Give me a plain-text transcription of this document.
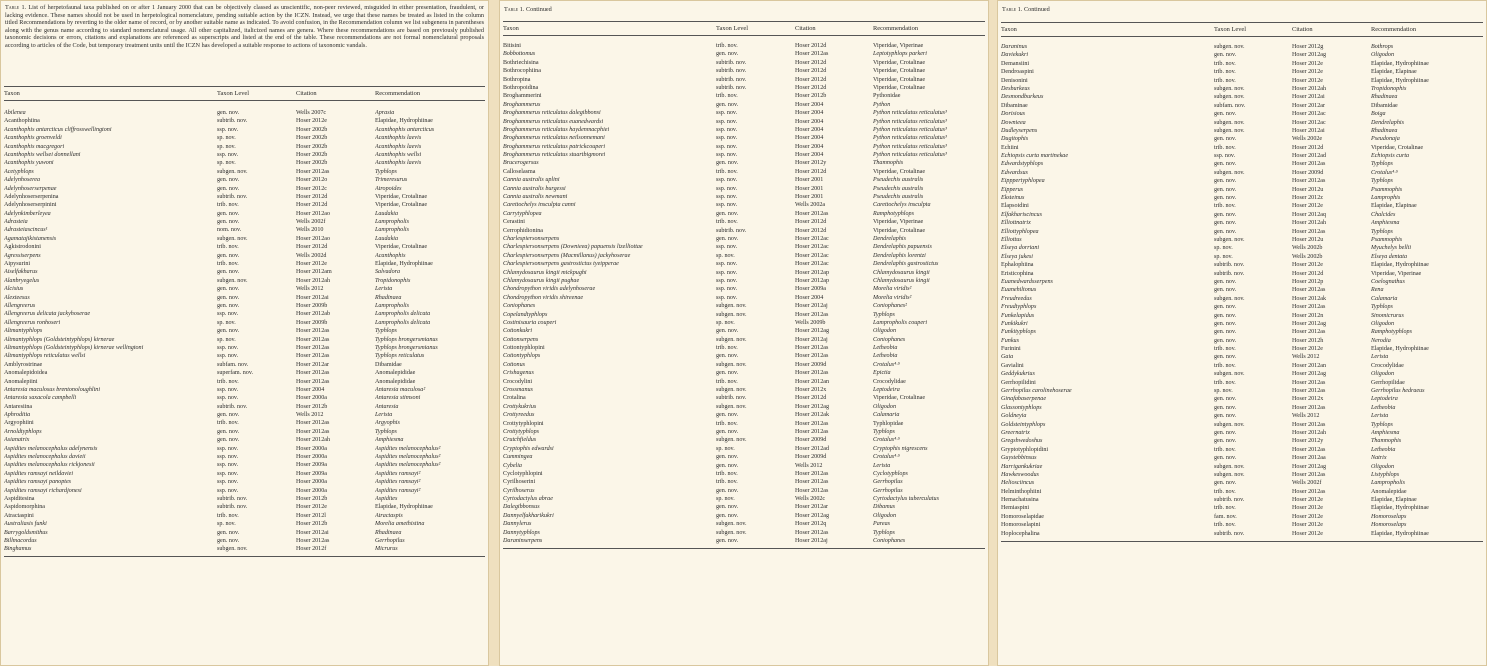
Table 1. List of herpetofaunal taxa published on or after 1 January 2000 that can be objectively classed as unscientific, non-peer reviewed, misguided in either presentation, fraudulent, or lacking evidence. These names should not be used in herpetological nomenclature, pending suitable action by the ICZN. Instead, we urge that these names be treated as listed in the column titled Recommendations by reverting to the older name of record, or by another suitable name as indicated. To avoid confusion, in the Recommendation column we list subgenera in parentheses along with the genus name according to standard nomenclatural usage. All other capitalized, italicized names are genera. Where these recommendations are based on previously published taxonomic decisions or errors, citations and explanations are referenced as superscripts and listed at the end of the table. These recommendations are not formal nomenclatural proposals according to articles of the Code, but temporary treatment units until the ICZN has developed a suitable response to actions of taxonomic vandals.
Taxon	Taxon Level	Citation	Recommendation
Abilenea	gen. nov.	Wells 2007c	Aprasia
Acanthophiina	subtrib. nov.	Hoser 2012e	Elapidae, Hydrophiinae
Acanthophis antarcticus cliffrosswellingtoni	ssp. nov.	Hoser 2002b	Acanthophis antarcticus
Acanthophis groenveldi	sp. nov.	Hoser 2002b	Acanthophis laevis
Acanthophis macgregori	sp. nov.	Hoser 2002b	Acanthophis laevis
Acanthophis wellsei donnellani	ssp. nov.	Hoser 2002b	Acanthophis wellsi
Acanthophis yuwoni	sp. nov.	Hoser 2002b	Acanthophis laevis
Acetyphlops	subgen. nov.	Hoser 2012as	Typhlops
Adelynhoserea	gen. nov.	Hoser 2012o	Trimeresurus
Adelynhoserserpenae	gen. nov.	Hoser 2012c	Atropoides
Adelynhoserserpenina	subtrib. nov.	Hoser 2012d	Viperidae, Crotalinae
Adelynhoserserpinini	trib. nov.	Hoser 2012d	Viperidae, Crotalinae
Adelynkimberleyea	gen. nov.	Hoser 2012ao	Laudakia
Adrasteia	gen. nov.	Wells 2002f	Lampropholis
Adrasteiascincus¹	nom. nov.	Wells 2010	Lampropholis
Agamatajikistanensis	subgen. nov.	Hoser 2012ao	Laudakia
Agkistrodonini	trib. nov.	Hoser 2012d	Viperidae, Crotalinae
Agressiserpens	gen. nov.	Wells 2002d	Acanthophis
Aipysurini	trib. nov.	Hoser 2012e	Elapidae, Hydrophiinae
Aiselfakharus	gen. nov.	Hoser 2012am	Salvadora
Alanbryegelus	subgen. nov.	Hoser 2012ah	Tropidonophis
Alcisius	gen. nov.	Wells 2012	Lerista
Alexteesus	gen. nov.	Hoser 2012ai	Rhadinaea
Allengreerus	gen. nov.	Hoser 2009b	Lampropholis
Allengreerus delicata jackyhoserae	ssp. nov.	Hoser 2012ab	Lampropholis delicata
Allengreerus ronhoseri	sp. nov.	Hoser 2009b	Lampropholis delicata
Altmantyphlops	gen. nov.	Hoser 2012as	Typhlops
Altmantyphlops (Goldsteintyphlops) kirnerae	sp. nov.	Hoser 2012as	Typhlops brongersmianus
Altmantyphlops (Goldsteintyphlops) kirnerae wellingtoni	ssp. nov.	Hoser 2012as	Typhlops brongersmianus
Altmantyphlops reticulatus wellsi	ssp. nov.	Hoser 2012as	Typhlops reticulatus
Amblyrostrinae	subfam. nov.	Hoser 2012ar	Dibamidae
Anomalepidoidea	superfam. nov.	Hoser 2012as	Anomalepididae
Anomalepiini	trib. nov.	Hoser 2012as	Anomalepididae
Antaresia maculosus brentonoloughlini	ssp. nov.	Hoser 2004	Antaresia maculosa²
Antaresia saxacola campbelli	ssp. nov.	Hoser 2000a	Antaresia stimsoni
Antaresiina	subtrib. nov.	Hoser 2012b	Antaresia
Aphroditia	gen. nov.	Wells 2012	Lerista
Argyophiini	trib. nov.	Hoser 2012as	Argyophis
Arnoldtyphlops	gen. nov.	Hoser 2012as	Typhlops
Asianatrix	gen. nov.	Hoser 2012ah	Amphiesma
Aspidites melanocephalus adelynensis	ssp. nov.	Hoser 2000a	Aspidites melanocephalus²
Aspidites melanocephalus davieii	ssp. nov.	Hoser 2000a	Aspidites melanocephalus²
Aspidites melanocephalus rickjonesii	ssp. nov.	Hoser 2009a	Aspidites melanocephalus²
Aspidites ramsayi neildaviei	ssp. nov.	Hoser 2009a	Aspidites ramsayi²
Aspidites ramsayi panoptes	ssp. nov.	Hoser 2000a	Aspidites ramsayi²
Aspidites ramsayi richardjonesi	ssp. nov.	Hoser 2000a	Aspidites ramsayi²
Aspiditesina	subtrib. nov.	Hoser 2012b	Aspidites
Aspidomorphina	subtrib. nov.	Hoser 2012e	Elapidae, Hydrophiinae
Atractaspini	trib. nov.	Hoser 2012l	Atractaspis
Australiasis funki	sp. nov.	Hoser 2012b	Morelia amethistina
Barrygoldsmithus	gen. nov.	Hoser 2012ai	Rhadinaea
Billmacordus	gen. nov.	Hoser 2012as	Gerrhopilus
Binghamus	subgen. nov.	Hoser 2012f	Micrurus
Table 1. Continued
Taxon	Taxon Level	Citation	Recommendation
Bitisini	trib. nov.	Hoser 2012d	Viperidae, Viperinae
Bobbottomus	gen. nov.	Hoser 2012as	Leptotyphlops parkeri
Bothriechisina	subtrib. nov.	Hoser 2012d	Viperidae, Crotalinae
Bothrocophiina	subtrib. nov.	Hoser 2012d	Viperidae, Crotalinae
Bothropina	subtrib. nov.	Hoser 2012d	Viperidae, Crotalinae
Bothropoidina	subtrib. nov.	Hoser 2012d	Viperidae, Crotalinae
Broghammerini	trib. nov.	Hoser 2012b	Pythonidae
Broghammerus	gen. nov.	Hoser 2004	Python
Broghammerus reticulatus dalegibbonsi	ssp. nov.	Hoser 2004	Python reticulatus reticulatus³
Broghammerus reticulatus euanedwardsi	ssp. nov.	Hoser 2004	Python reticulatus reticulatus³
Broghammerus reticulatus haydenmacphiei	ssp. nov.	Hoser 2004	Python reticulatus reticulatus³
Broghammerus reticulatus neilsonnemani	ssp. nov.	Hoser 2004	Python reticulatus reticulatus³
Broghammerus reticulatus patrickcouperi	ssp. nov.	Hoser 2004	Python reticulatus reticulatus³
Broghammerus reticulatus stuartbigmorei	ssp. nov.	Hoser 2004	Python reticulatus reticulatus³
Brucerogersus	gen. nov.	Hoser 2012y	Thamnophis
Calloselasma	trib. nov.	Hoser 2012d	Viperidae, Crotalinae
Cannia australis uplini	ssp. nov.	Hoser 2001	Pseudechis australis
Cannia australis burgessi	ssp. nov.	Hoser 2001	Pseudechis australis
Cannia australis newmani	ssp. nov.	Hoser 2001	Pseudechis australis
Carettochelys insculpta canni	ssp. nov.	Wells 2002a	Carettochelys insculpta
Carrytyphlopea	gen. nov.	Hoser 2012as	Ramphotyphlops
Cerastini	trib. nov.	Hoser 2012d	Viperidae, Viperinae
Cerrophidionina	subtrib. nov.	Hoser 2012d	Viperidae, Crotalinae
Charlespiersonserpens	gen. nov.	Hoser 2012ac	Dendrelaphis
Charlespiersonserpens (Downieea) papuensis lizelliottae	ssp. nov.	Hoser 2012ac	Dendrelaphis papuensis
Charlespiersonserpens (Macmillanus) jackyhoserae	sp. nov.	Hoser 2012ac	Dendrelaphis lorentzi
Charlespiersonserpens gastrostictus tyeipperae	ssp. nov.	Hoser 2012ac	Dendrelaphis gastrostictus
Chlamydosaurus kingii mickpughi	ssp. nov.	Hoser 2012ap	Chlamydosaurus kingii
Chlamydosaurus kingii pughae	ssp. nov.	Hoser 2012ap	Chlamydosaurus kingii
Chondropython viridis adelynhoserae	ssp. nov.	Hoser 2009a	Morelia viridis²
Chondropython viridis shireenae	ssp. nov.	Hoser 2004	Morelia viridis²
Coniophanes	subgen. nov.	Hoser 2012aj	Coniophanes²
Copelandtyphlops	subgen. nov.	Hoser 2012as	Typhlops
Costinisauria couperi	sp. nov.	Wells 2009b	Lampropholis couperi
Cottonkukri	gen. nov.	Hoser 2012ag	Oligodon
Cottonserpens	subgen. nov.	Hoser 2012aj	Coniophanes
Cottontyphlopini	trib. nov.	Hoser 2012as	Letheobia
Cottontyphlops	gen. nov.	Hoser 2012as	Letheobia
Cottonus	subgen. nov.	Hoser 2009d	Crotalus⁴·⁵
Crishagenus	gen. nov.	Hoser 2012as	Epictia
Crocodylini	trib. nov.	Hoser 2012an	Crocodylidae
Crossmanus	subgen. nov.	Hoser 2012x	Leptodeira
Crotalina	subtrib. nov.	Hoser 2012d	Viperidae, Crotalinae
Crottykukrius	subgen. nov.	Hoser 2012ag	Oligodon
Crottyreedus	gen. nov.	Hoser 2012ak	Calamaria
Crottytyphlopini	trib. nov.	Hoser 2012as	Typhlopidae
Crottytyphlops	gen. nov.	Hoser 2012as	Typhlops
Crutchfieldus	subgen. nov.	Hoser 2009d	Crotalus⁴·⁵
Cryptophis edwardsi	sp. nov.	Hoser 2012ad	Cryptophis nigrescens
Cummingea	gen. nov.	Hoser 2009d	Crotalus⁴·⁵
Cybelia	gen. nov.	Wells 2012	Lerista
Cyclotyphlopini	trib. nov.	Hoser 2012as	Cyclotyphlops
Cyrilhoserini	trib. nov.	Hoser 2012as	Gerrhopilus
Cyrilhoserus	gen. nov.	Hoser 2012as	Gerrhopilus
Cyrtodactylus abrae	sp. nov.	Wells 2002c	Cyrtodactylus tuberculatus
Dalegibbonsus	gen. nov.	Hoser 2012ar	Dibamus
Dannyelfakharikukri	gen. nov.	Hoser 2012ag	Oligodon
Dannylerus	subgen. nov.	Hoser 2012q	Pareas
Dannytyphlops	subgen. nov.	Hoser 2012as	Typhlops
Daraninserpens	gen. nov.	Hoser 2012aj	Coniophanes
Table 1. Continued
Taxon	Taxon Level	Citation	Recommendation
Daraninus	subgen. nov.	Hoser 2012g	Bothrops
Daviekukri	gen. nov.	Hoser 2012ag	Oligodon
Demansiini	trib. nov.	Hoser 2012e	Elapidae, Hydrophiinae
Dendroaspini	trib. nov.	Hoser 2012e	Elapidae, Elapinae
Denisonini	trib. nov.	Hoser 2012e	Elapidae, Hydrophiinae
Desburkeus	subgen. nov.	Hoser 2012ah	Tropidonophis
Desmondburkeus	subgen. nov.	Hoser 2012ai	Rhadinaea
Dibaminae	subfam. nov.	Hoser 2012ar	Dibamidae
Dorisious	gen. nov.	Hoser 2012ac	Boiga
Downieea	subgen. nov.	Hoser 2012ac	Dendrelaphis
Dudleyserpens	subgen. nov.	Hoser 2012ai	Rhadinaea
Dugitophis	gen. nov.	Wells 2002e	Pseudonaja
Echiini	trib. nov.	Hoser 2012d	Viperidae, Crotalinae
Echiopsis curta martinekae	ssp. nov.	Hoser 2012ad	Echiopsis curta
Edwardstyphlops	gen. nov.	Hoser 2012as	Typhlops
Edwardsus	subgen. nov.	Hoser 2009d	Crotalus⁴·⁵
Eipppertyphlopea	gen. nov.	Hoser 2012as	Typhlops
Eipperus	gen. nov.	Hoser 2012u	Psammophis
Eksteinus	gen. nov.	Hoser 2012z	Lamprophis
Elapsoidini	trib. nov.	Hoser 2012e	Elapidae, Elapinae
Elfakhariscincus	gen. nov.	Hoser 2012aq	Chalcides
Elliottnatrix	gen. nov.	Hoser 2012ah	Amphiesma
Elliottyphlopea	gen. nov.	Hoser 2012as	Typhlops
Elliottus	subgen. nov.	Hoser 2012u	Psammophis
Elseya dorriani	sp. nov.	Wells 2002b	Myuchelys bellii
Elseya jukesi	sp. nov.	Wells 2002b	Elseya dentata
Ephalophiina	subtrib. nov.	Hoser 2012e	Elapidae, Hydrophiinae
Eristicophina	subtrib. nov.	Hoser 2012d	Viperidae, Viperinae
Euanedwardsserpens	gen. nov.	Hoser 2012p	Coelognathus
Euanehiltonus	gen. nov.	Hoser 2012as	Rena
Freudreedus	subgen. nov.	Hoser 2012ak	Calamaria
Freudtyphlops	gen. nov.	Hoser 2012as	Typhlops
Funkelapidus	gen. nov.	Hoser 2012n	Sinomicrurus
Funkikukri	gen. nov.	Hoser 2012ag	Oligodon
Funkityphlops	gen. nov.	Hoser 2012as	Ramphotyphlops
Funkus	gen. nov.	Hoser 2012h	Nerodia
Furinini	trib. nov.	Hoser 2012e	Elapidae, Hydrophiinae
Gaia	gen. nov.	Wells 2012	Lerista
Gavialini	trib. nov.	Hoser 2012an	Crocodylidae
Geddykukrius	subgen. nov.	Hoser 2012ag	Oligodon
Gerrhopilidini	trib. nov.	Hoser 2012as	Gerrhopilidae
Gerrhopilus carolinehoserae	sp. nov.	Hoser 2012as	Gerrhopilus hedraeus
Ginafabaserpenae	gen. nov.	Hoser 2012x	Leptodeira
Glassontyphlops	gen. nov.	Hoser 2012as	Letheobia
Goldneyia	gen. nov.	Wells 2012	Lerista
Goldsteintyphlops	subgen. nov.	Hoser 2012as	Typhlops
Greernatrix	gen. nov.	Hoser 2012ah	Amphiesma
Gregshwedoshus	gen. nov.	Hoser 2012y	Thamnophis
Gryptotyphlopidini	trib. nov.	Hoser 2012as	Letheobia
Guystebbinsus	gen. nov.	Hoser 2012aa	Natrix
Harrigankukriae	subgen. nov.	Hoser 2012ag	Oligodon
Hawkeswoodus	subgen. nov.	Hoser 2012as	Listyphlops
Heliosciincus	gen. nov.	Wells 2002f	Lampropholis
Helminthophiini	trib. nov.	Hoser 2012as	Anomalepidae
Hemachatusina	subtrib. nov.	Hoser 2012e	Elapidae, Elapinae
Hemiaspini	trib. nov.	Hoser 2012e	Elapidae, Hydrophiinae
Homoroselapidae	fam. nov.	Hoser 2012e	Homoroselaps
Homoroselapini	trib. nov.	Hoser 2012e	Homoroselaps
Hoplocephalina	subtrib. nov.	Hoser 2012e	Elapidae, Hydrophiinae
